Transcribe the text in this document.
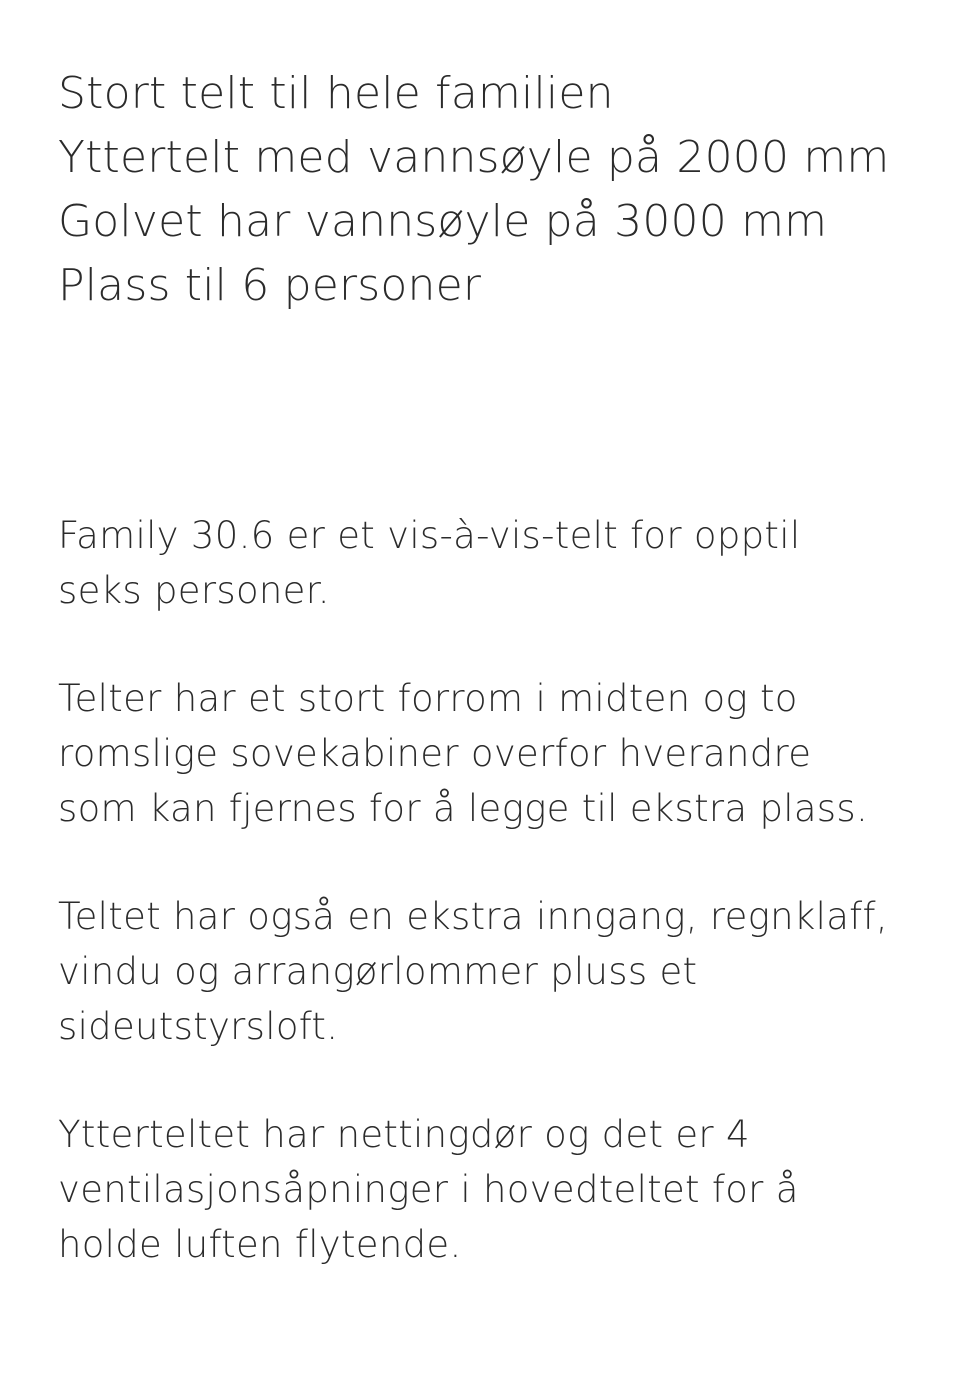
Stort telt til hele familien
Yttertelt med vannsøyle på 2000 mm
Golvet har vannsøyle på 3000 mm
Plass til 6 personer

Family 30.6 er et vis-à-vis-telt for opptil
seks personer.

Telter har et stort forrom i midten og to
romslige sovekabiner overfor hverandre
som kan fjernes for å legge til ekstra plass.

Teltet har også en ekstra inngang, regnklaff,
vindu og arrangørlommer pluss et
sideutstyrsloft.

Ytterteltet har nettingdør og det er 4
ventilasjonsåpninger i hovedteltet for å
holde luften flytende.
